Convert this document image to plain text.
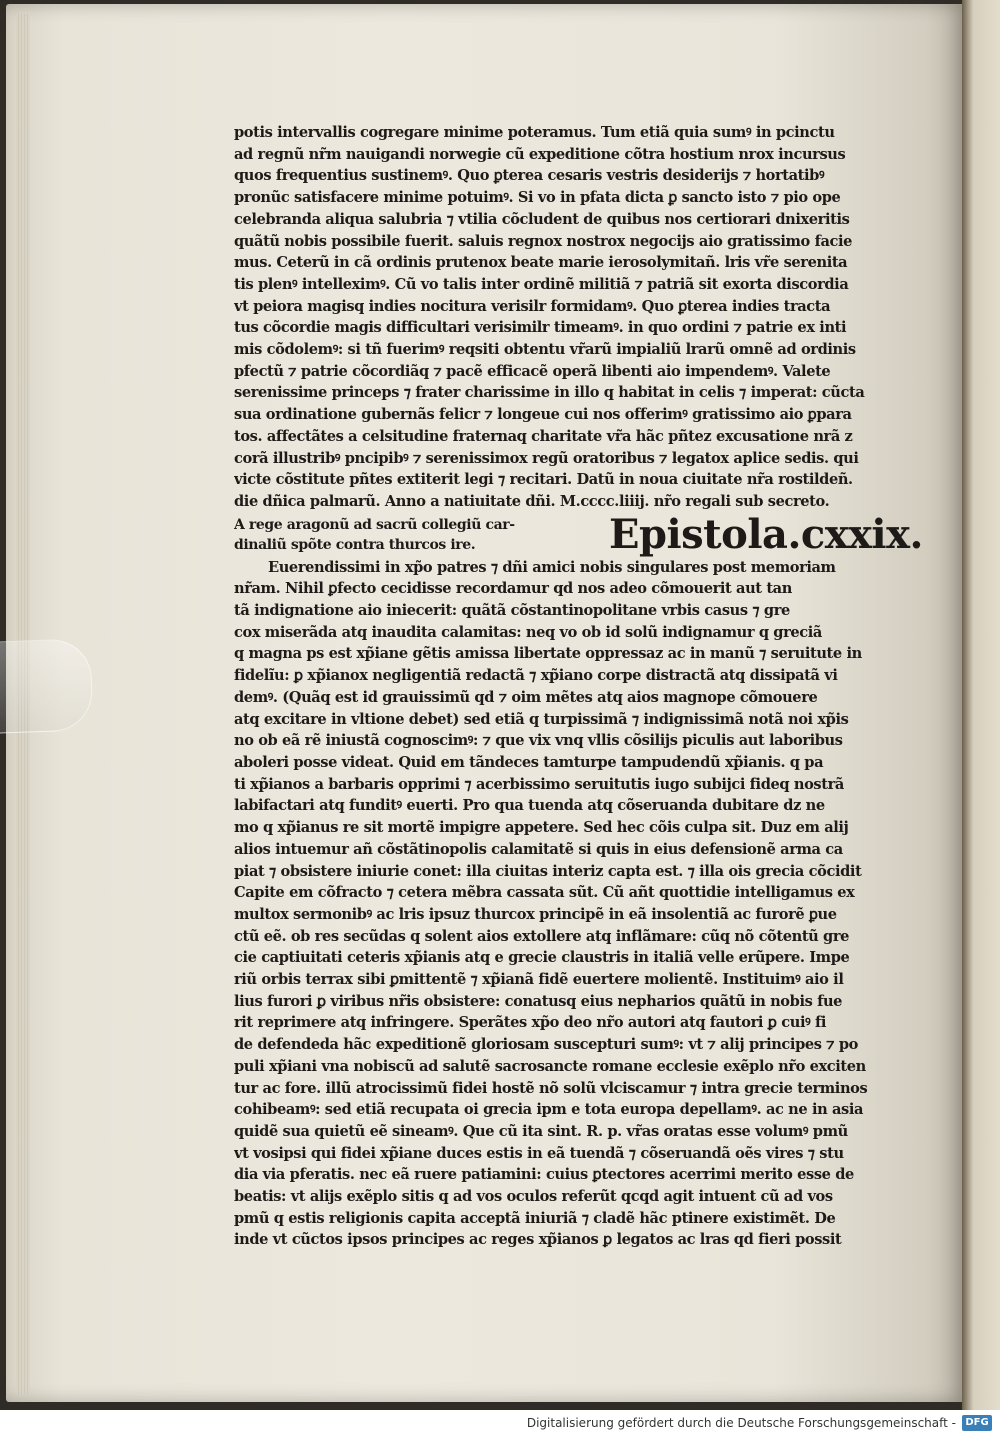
potis intervallis cogregare minime poteramus. Tum etiã quia sumꝰ in pcinctu
ad regnũ nr̃m nauigandi norwegie cũ expeditione cõtra hostium nrox incursus
quos frequentius sustinemꝰ. Quo ꝑterea cesaris vestris desiderijs ⁊ hortatibꝰ
pronũc satisfacere minime potuimꝰ. Si vo in pfata dicta ꝑ sancto isto ⁊ pio ope
celebranda aliqua salubria ⁊ vtilia cõcludent de quibus nos certiorari dnixeritis
quãtũ nobis possibile fuerit. saluis regnox nostrox negocijs aio gratissimo facie
mus. Ceterũ in cã ordinis prutenox beate marie ierosolymitañ. lris vr̃e serenita
tis plenꝰ intelleximꝰ. Cũ vo talis inter ordinẽ militiã ⁊ patriã sit exorta discordia
vt peiora magisq indies nocitura verisilr formidamꝰ. Quo ꝑterea indies tracta
tus cõcordie magis difficultari verisimilr timeamꝰ. in quo ordini ⁊ patrie ex inti
mis cõdolemꝰ: si tñ fuerimꝰ reqsiti obtentu vr̃arũ impialiũ lrarũ omnẽ ad ordinis
pfectũ ⁊ patrie cõcordiãq ⁊ pacẽ efficacẽ operã libenti aio impendemꝰ. Valete
serenissime princeps ⁊ frater charissime in illo q habitat in celis ⁊ imperat: cũcta
sua ordinatione gubernãs felicr ⁊ longeue cui nos offerimꝰ gratissimo aio ꝑpara
tos. affectãtes a celsitudine fraternaq charitate vr̃a hãc pñtez excusatione nrã z
corã illustribꝰ pncipibꝰ ⁊ serenissimox regũ oratoribus ⁊ legatox aplice sedis. qui
victe cõstitute pñtes extiterit legi ⁊ recitari. Datũ in noua ciuitate nr̃a rostildeñ.
die dñica palmarũ. Anno a natiuitate dñi. M.cccc.liiij. nr̃o regali sub secreto.
A rege aragonũ ad sacrũ collegiũ car-
dinaliũ spõte contra thurcos ire.	Epistola.cxxix.
Euerendissimi in xp̃o patres ⁊ dñi amici nobis singulares post memoriam
nr̃am. Nihil ꝑfecto cecidisse recordamur qd nos adeo cõmouerit aut tan
tã indignatione aio iniecerit: quãtã cõstantinopolitane vrbis casus ⁊ gre
cox miserãda atq inaudita calamitas: neq vo ob id solũ indignamur q greciã
q magna ps est xp̃iane gẽtis amissa libertate oppressaz ac in manũ ⁊ seruitute in
fidelĩu: ꝑ xp̃ianox negligentiã redactã ⁊ xp̃iano corpe distractã atq dissipatã vi
demꝰ. (Quãq est id grauissimũ qd ⁊ oim mẽtes atq aios magnope cõmouere
atq excitare in vltione debet) sed etiã q turpissimã ⁊ indignissimã notã noi xp̃is
no ob eã rẽ iniustã cognoscimꝰ: ⁊ que vix vnq vllis cõsilijs piculis aut laboribus
aboleri posse videat. Quid em tãndeces tamturpe tampudendũ xp̃ianis. q pa
ti xp̃ianos a barbaris opprimi ⁊ acerbissimo seruitutis iugo subijci fideq nostrã
labifactari atq funditꝰ euerti. Pro qua tuenda atq cõseruanda dubitare dz ne
mo q xp̃ianus re sit mortẽ impigre appetere. Sed hec cõis culpa sit. Duz em alij
alios intuemur añ cõstãtinopolis calamitatẽ si quis in eius defensionẽ arma ca
piat ⁊ obsistere iniurie conet: illa ciuitas interiz capta est. ⁊ illa ois grecia cõcidit
Capite em cõfracto ⁊ cetera mẽbra cassata sũt. Cũ añt quottidie intelligamus ex
multox sermonibꝰ ac lris ipsuz thurcox principẽ in eã insolentiã ac furorẽ ꝑue
ctũ eẽ. ob res secũdas q solent aios extollere atq inflãmare: cũq nõ cõtentũ gre
cie captiuitati ceteris xp̃ianis atq e grecie claustris in italiã velle erũpere. Impe
riũ orbis terrax sibi ꝑmittentẽ ⁊ xp̃ianã fidẽ euertere molientẽ. Instituimꝰ aio il
lius furori ꝑ viribus nr̃is obsistere: conatusq eius nepharios quãtũ in nobis fue
rit reprimere atq infringere. Sperãtes xp̃o deo nr̃o autori atq fautori ꝑ cuiꝰ fi
de defendeda hãc expeditionẽ gloriosam suscepturi sumꝰ: vt ⁊ alij principes ⁊ po
puli xp̃iani vna nobiscũ ad salutẽ sacrosancte romane ecclesie exẽplo nr̃o exciten
tur ac fore. illũ atrocissimũ fidei hostẽ nõ solũ vlciscamur ⁊ intra grecie terminos
cohibeamꝰ: sed etiã recupata oi grecia ipm e tota europa depellamꝰ. ac ne in asia
quidẽ sua quietũ eẽ sineamꝰ. Que cũ ita sint. R. p. vr̃as oratas esse volumꝰ pmũ
vt vosipsi qui fidei xp̃iane duces estis in eã tuendã ⁊ cõseruandã oẽs vires ⁊ stu
dia via pferatis. nec eã ruere patiamini: cuius ꝑtectores acerrimi merito esse de
beatis: vt alijs exẽplo sitis q ad vos oculos referũt qcqd agit intuent cũ ad vos
pmũ q estis religionis capita acceptã iniuriã ⁊ cladẽ hãc ptinere existimẽt. De
inde vt cũctos ipsos principes ac reges xp̃ianos ꝑ legatos ac lras qd fieri possit
Digitalisierung gefördert durch die Deutsche Forschungsgemeinschaft - DFG
